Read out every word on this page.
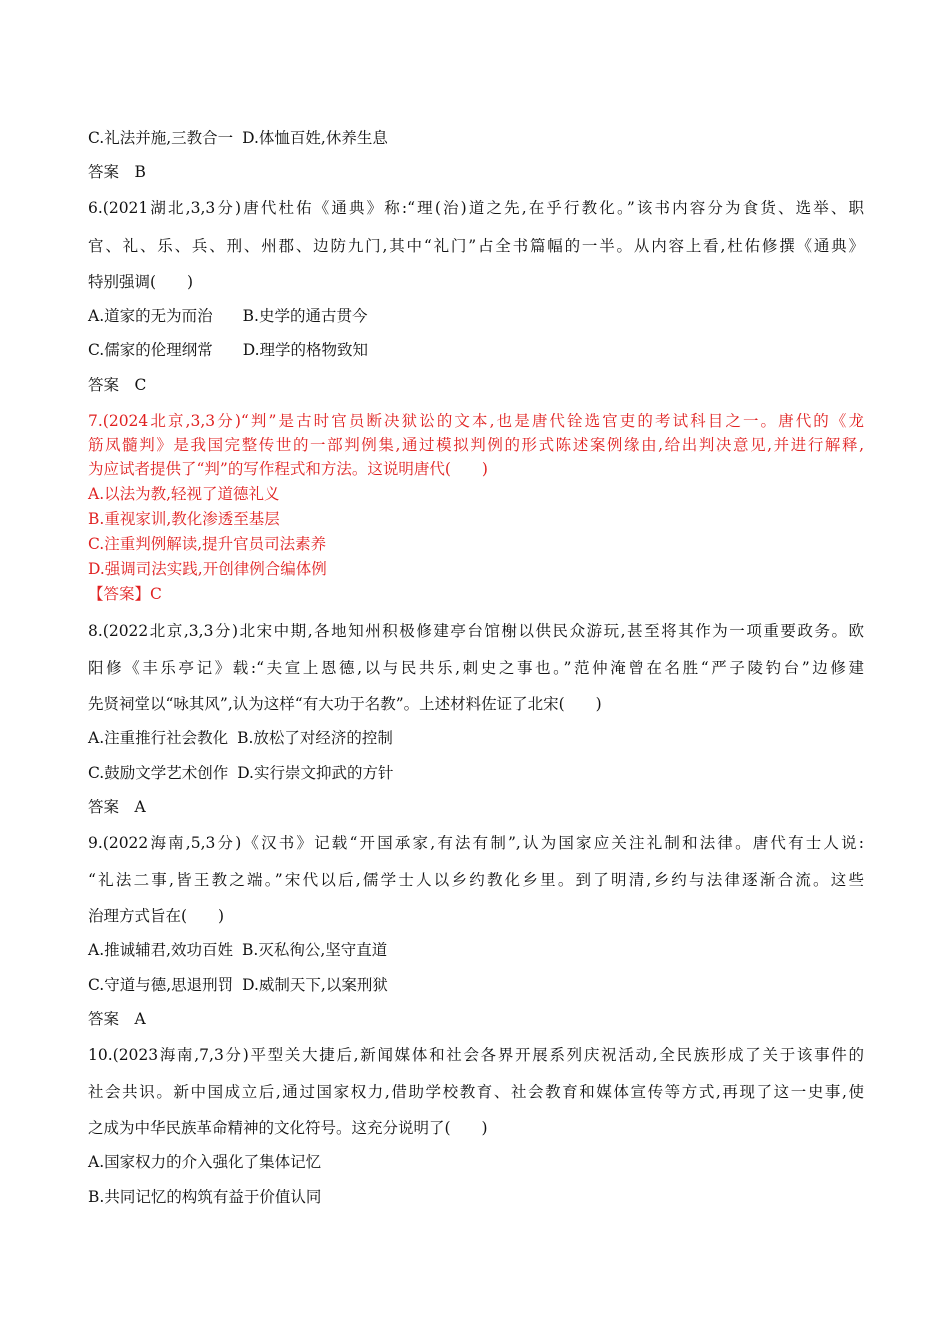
C.礼法并施,三教合一 D.体恤百姓,休养生息
答案　B
6.(2021湖北,3,3分)唐代杜佑《通典》称:“理(治)道之先,在乎行教化。”该书内容分为食货、选举、职
官、礼、乐、兵、刑、州郡、边防九门,其中“礼门”占全书篇幅的一半。从内容上看,杜佑修撰《通典》
特别强调(　　)
A.道家的无为而治 B.史学的通古贯今
C.儒家的伦理纲常 D.理学的格物致知
答案　C
7.(2024北京,3,3分)“判”是古时官员断决狱讼的文本,也是唐代铨选官吏的考试科目之一。唐代的《龙
筋凤髓判》是我国完整传世的一部判例集,通过模拟判例的形式陈述案例缘由,给出判决意见,并进行解释,
为应试者提供了“判”的写作程式和方法。这说明唐代(　　)
A.以法为教,轻视了道德礼义
B.重视家训,教化渗透至基层
C.注重判例解读,提升官员司法素养
D.强调司法实践,开创律例合编体例
【答案】C
8.(2022北京,3,3分)北宋中期,各地知州积极修建亭台馆榭以供民众游玩,甚至将其作为一项重要政务。欧
阳修《丰乐亭记》载:“夫宣上恩德,以与民共乐,刺史之事也。”范仲淹曾在名胜“严子陵钓台”边修建
先贤祠堂以“咏其风”,认为这样“有大功于名教”。上述材料佐证了北宋(　　)
A.注重推行社会教化 B.放松了对经济的控制
C.鼓励文学艺术创作 D.实行崇文抑武的方针
答案　A
9.(2022海南,5,3分)《汉书》记载“开国承家,有法有制”,认为国家应关注礼制和法律。唐代有士人说:
“礼法二事,皆王教之端。”宋代以后,儒学士人以乡约教化乡里。到了明清,乡约与法律逐渐合流。这些
治理方式旨在(　　)
A.推诚辅君,效功百姓 B.灭私徇公,坚守直道
C.守道与德,思退刑罚 D.威制天下,以案刑狱
答案　A
10.(2023海南,7,3分)平型关大捷后,新闻媒体和社会各界开展系列庆祝活动,全民族形成了关于该事件的
社会共识。新中国成立后,通过国家权力,借助学校教育、社会教育和媒体宣传等方式,再现了这一史事,使
之成为中华民族革命精神的文化符号。这充分说明了(　　)
A.国家权力的介入强化了集体记忆
B.共同记忆的构筑有益于价值认同
